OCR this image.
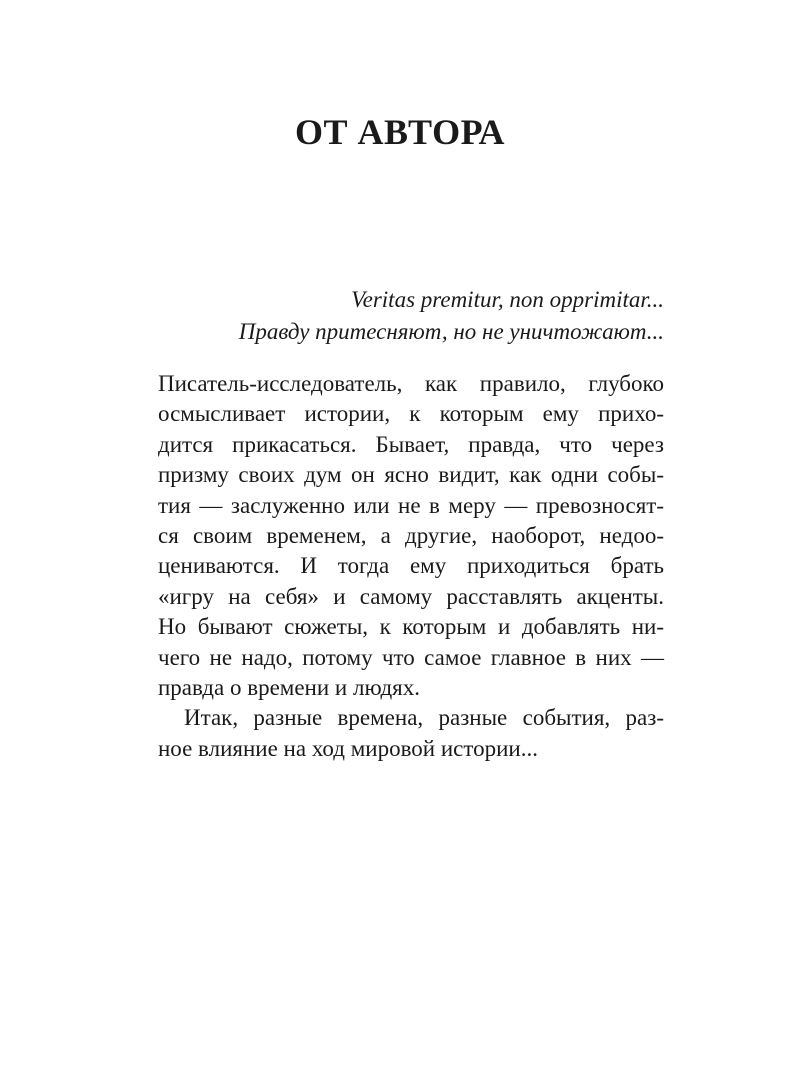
ОТ АВТОРА
Veritas premitur, non opprimitar...
Правду притесняют, но не уничтожают...
Писатель-исследователь, как правило, глубоко
осмысливает истории, к которым ему прихо-
дится прикасаться. Бывает, правда, что через
призму своих дум он ясно видит, как одни собы-
тия — заслуженно или не в меру — превозносят-
ся своим временем, а другие, наоборот, недоо-
цениваются. И тогда ему приходиться брать
«игру на себя» и самому расставлять акценты.
Но бывают сюжеты, к которым и добавлять ни-
чего не надо, потому что самое главное в них —
правда о времени и людях.
Итак, разные времена, разные события, раз-
ное влияние на ход мировой истории...
